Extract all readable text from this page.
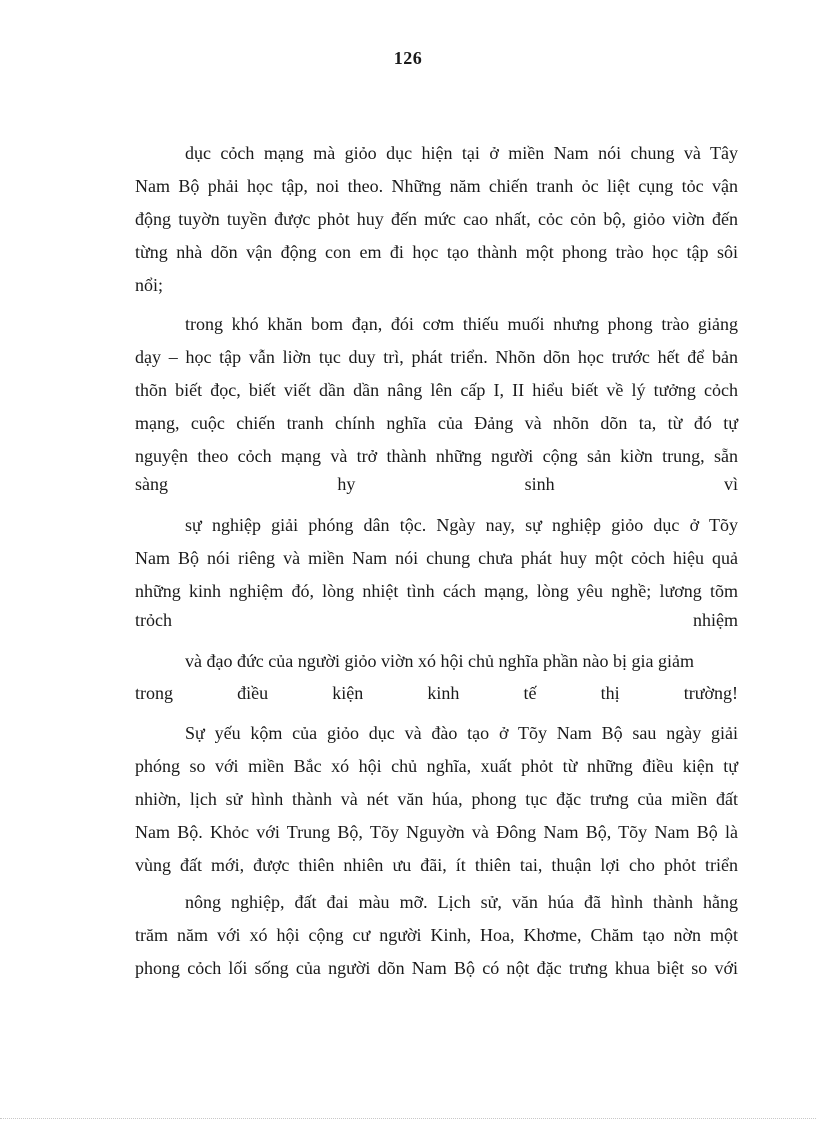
126
dục cỏch mạng mà giỏo dục hiện tại ở miền Nam nói chung và Tây
Nam Bộ phải học tập, noi theo. Những năm chiến tranh ỏc liệt cụng tỏc vận
động tuyờn tuyền được phỏt huy đến mức cao nhất, cỏc cỏn bộ, giỏo viờn đến
từng nhà dõn vận động con em đi học tạo thành một phong trào học tập sôi
nổi;
trong khó khăn bom đạn, đói cơm thiếu muối nhưng phong trào giảng
dạy – học tập vẫn liờn tục duy trì, phát triển. Nhõn dõn học trước hết để bản
thõn biết đọc, biết viết dần dần nâng lên cấp I, II hiểu biết về lý tưởng cỏch
mạng, cuộc chiến tranh chính nghĩa của Đảng và nhõn dõn ta, từ đó tự
nguyện theo cỏch mạng và trở thành những người cộng sản kiờn trung, sẵn
sàng hy sinh vì
sự nghiệp giải phóng dân tộc. Ngày nay, sự nghiệp giỏo dục ở Tõy
Nam Bộ nói riêng và miền Nam nói chung chưa phát huy một cỏch hiệu quả
những kinh nghiệm đó, lòng nhiệt tình cách mạng, lòng yêu nghề; lương tõm
trỏch nhiệm
và đạo đức của người giỏo viờn xó hội chủ nghĩa phần nào bị gia giảm
trong điều kiện kinh tế thị trường!
Sự yếu kộm của giỏo dục và đào tạo ở Tõy Nam Bộ sau ngày giải
phóng so với miền Bắc xó hội chủ nghĩa, xuất phỏt từ những điều kiện tự
nhiờn, lịch sử hình thành và nét văn húa, phong tục đặc trưng của miền đất
Nam Bộ. Khỏc với Trung Bộ, Tõy Nguyờn và Đông Nam Bộ, Tõy Nam Bộ là
vùng đất mới, được thiên nhiên ưu đãi, ít thiên tai, thuận lợi cho phỏt triển
nông nghiệp, đất đai màu mỡ. Lịch sử, văn húa đã hình thành hằng
trăm năm với xó hội cộng cư người Kinh, Hoa, Khơme, Chăm tạo nờn một
phong cỏch lối sống của người dõn Nam Bộ có nột đặc trưng khua biệt so với
